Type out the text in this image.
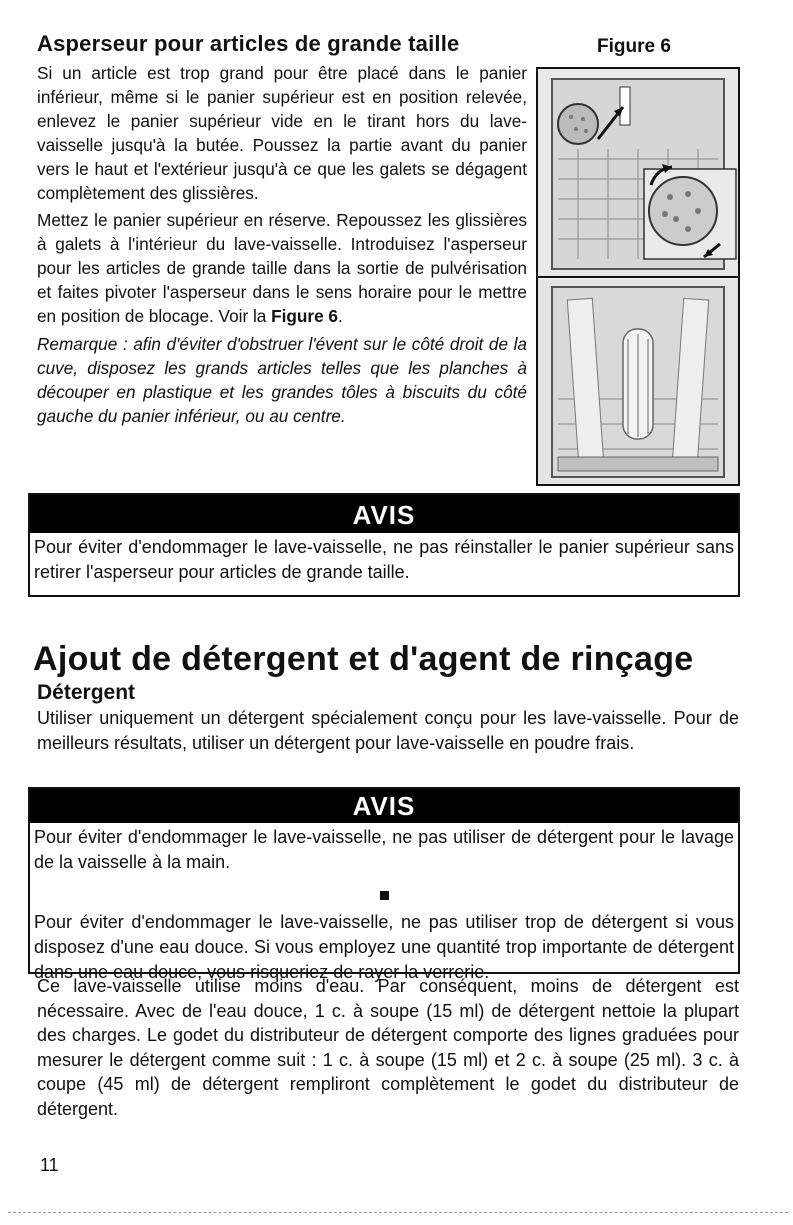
Asperseur pour articles de grande taille	Figure 6

Si un article est trop grand pour être placé dans le panier inférieur, même si le panier supérieur est en position relevée, enlevez le panier supérieur vide en le tirant hors du lave-vaisselle jusqu'à la butée. Poussez la partie avant du panier vers le haut et l'extérieur jusqu'à ce que les galets se dégagent complètement des glissières.

Mettez le panier supérieur en réserve. Repoussez les glissières à galets à l'intérieur du lave-vaisselle. Introduisez l'asperseur pour les articles de grande taille dans la sortie de pulvérisation et faites pivoter l'asperseur dans le sens horaire pour le mettre en position de blocage. Voir la Figure 6.

Remarque : afin d'éviter d'obstruer l'évent sur le côté droit de la cuve, disposez les grands articles telles que les planches à découper en plastique et les grandes tôles à biscuits du côté gauche du panier inférieur, ou au centre.

AVIS
Pour éviter d'endommager le lave-vaisselle, ne pas réinstaller le panier supérieur sans retirer l'asperseur pour articles de grande taille.
Ajout de détergent et d'agent de rinçage
Détergent

Utiliser uniquement un détergent spécialement conçu pour les lave-vaisselle. Pour de meilleurs résultats, utiliser un détergent pour lave-vaisselle en poudre frais.

AVIS
Pour éviter d'endommager le lave-vaisselle, ne pas utiliser de détergent pour le lavage de la vaisselle à la main.
Pour éviter d'endommager le lave-vaisselle, ne pas utiliser trop de détergent si vous disposez d'une eau douce. Si vous employez une quantité trop importante de détergent dans une eau douce, vous risqueriez de rayer la verrerie.

Ce lave-vaisselle utilise moins d'eau. Par conséquent, moins de détergent est nécessaire. Avec de l'eau douce, 1 c. à soupe (15 ml) de détergent nettoie la plupart des charges. Le godet du distributeur de détergent comporte des lignes graduées pour mesurer le détergent comme suit : 1 c. à soupe (15 ml) et 2 c. à soupe (25 ml). 3 c. à coupe (45 ml) de détergent rempliront complètement le godet du distributeur de détergent.

11
